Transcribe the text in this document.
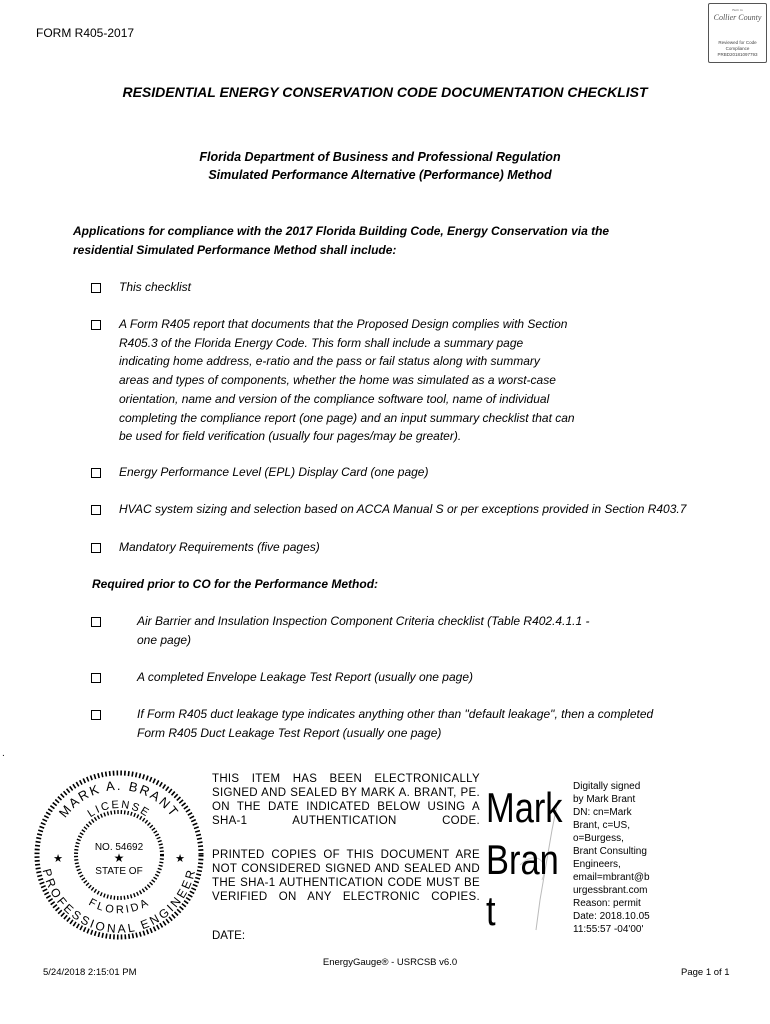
FORM R405-2017
Built in
Collier County
Reviewed for Code
Compliance
PRBD20181097793
RESIDENTIAL ENERGY CONSERVATION CODE DOCUMENTATION CHECKLIST
Florida Department of Business and Professional Regulation
Simulated Performance Alternative (Performance) Method
Applications for compliance with the 2017 Florida Building Code, Energy Conservation via the
residential Simulated Performance Method shall include:
This checklist
A Form R405 report that documents that the Proposed Design complies with Section
R405.3 of the Florida Energy Code. This form shall include a summary page
indicating home address, e-ratio and the pass or fail status along with summary
areas and types of components, whether the home was simulated as a worst-case
orientation, name and version of the compliance software tool, name of individual
completing the compliance report (one page) and an input summary checklist that can
be used for field verification (usually four pages/may be greater).
Energy Performance Level (EPL) Display Card (one page)
HVAC system sizing and selection based on ACCA Manual S or per exceptions provided in Section R403.7
Mandatory Requirements (five pages)
Required prior to CO for the Performance Method:
Air Barrier and Insulation Inspection Component Criteria checklist (Table R402.4.1.1 -
one page)
A completed Envelope Leakage Test Report (usually one page)
If Form R405 duct leakage type indicates anything other than "default leakage", then a completed
Form R405 Duct Leakage Test Report (usually one page)
.
MARK A. BRANT
LICENSE
PROFESSIONAL ENGINEER
FLORIDA
NO. 54692
★
STATE OF
★	★
THIS ITEM HAS BEEN ELECTRONICALLY
SIGNED AND SEALED BY MARK A. BRANT, PE.
ON THE DATE INDICATED BELOW USING A
SHA-1 AUTHENTICATION CODE.
PRINTED COPIES OF THIS DOCUMENT ARE
NOT CONSIDERED SIGNED AND SEALED AND
THE SHA-1 AUTHENTICATION CODE MUST BE
VERIFIED ON ANY ELECTRONIC COPIES.
DATE:
Mark
Bran
t
Digitally signed
by Mark Brant
DN: cn=Mark
Brant, c=US,
o=Burgess,
Brant Consulting
Engineers,
email=mbrant@b
urgessbrant.com
Reason: permit
Date: 2018.10.05
11:55:57 -04'00'
EnergyGauge® - USRCSB v6.0
5/24/2018 2:15:01 PM	Page 1 of 1
